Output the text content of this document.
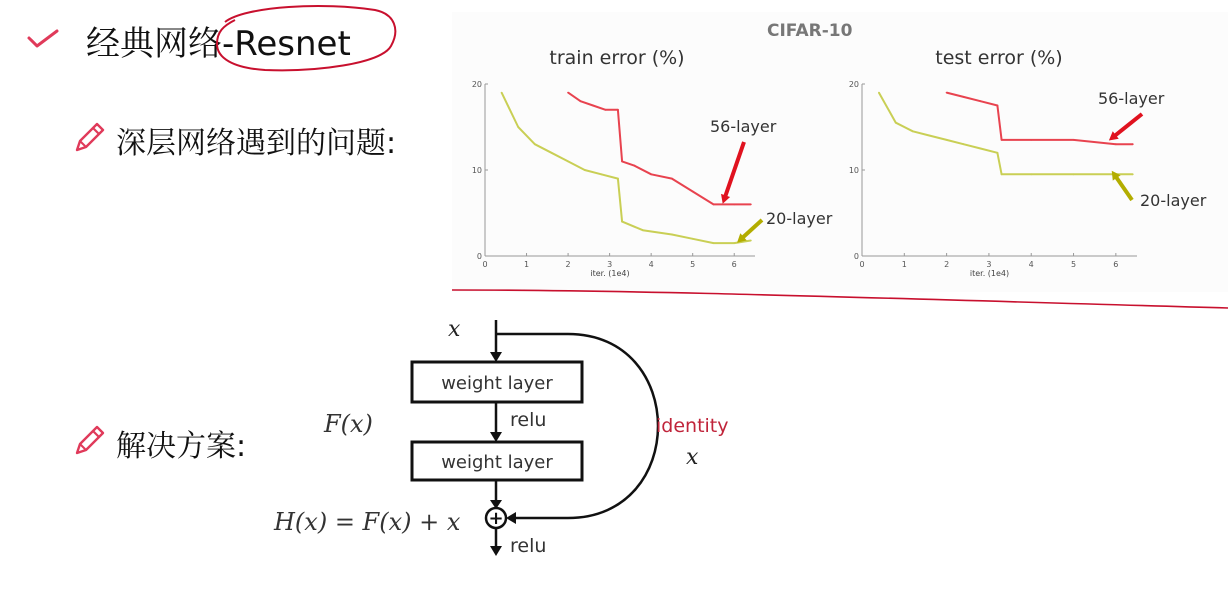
经典网络-Resnet
深层网络遇到的问题:
解决方案:
CIFAR-10
train error (%)
0	1	2	3	4	5	6
0
10
20
iter. (1e4)
56-layer
20-layer
test error (%)
0	1	2	3	4	5	6
0
10
20
iter. (1e4)
56-layer
20-layer
x
weight layer
relu
F(x)
weight layer
+
relu
H(x) = F(x) + x
identity
x
